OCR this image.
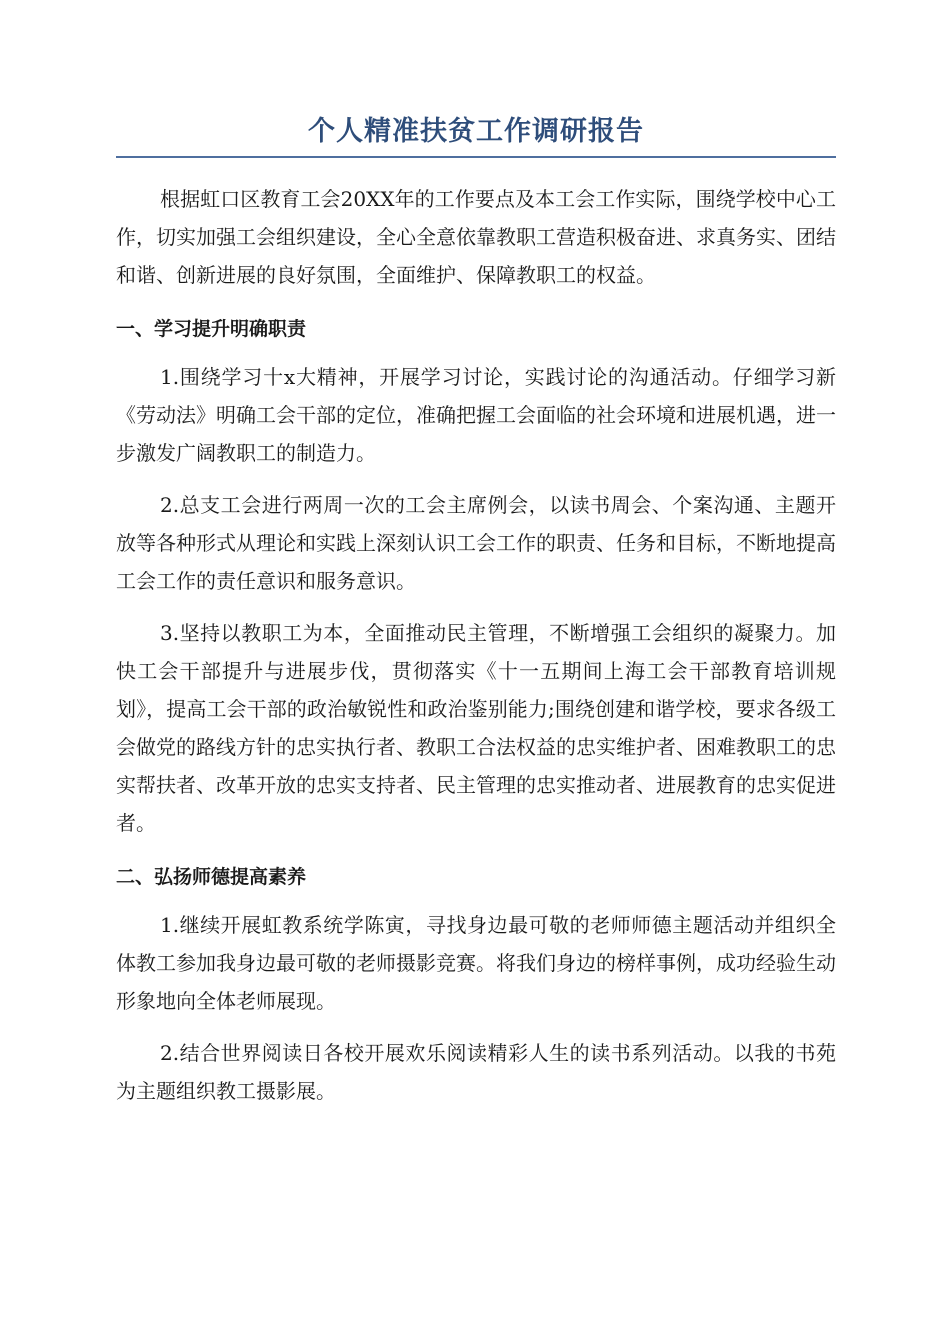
个人精准扶贫工作调研报告

根据虹口区教育工会20XX年的工作要点及本工会工作实际，围绕学校中心工作，切实加强工会组织建设，全心全意依靠教职工营造积极奋进、求真务实、团结和谐、创新进展的良好氛围，全面维护、保障教职工的权益。

一、学习提升明确职责

1.围绕学习十x大精神，开展学习讨论，实践讨论的沟通活动。仔细学习新《劳动法》明确工会干部的定位，准确把握工会面临的社会环境和进展机遇，进一步激发广阔教职工的制造力。

2.总支工会进行两周一次的工会主席例会，以读书周会、个案沟通、主题开放等各种形式从理论和实践上深刻认识工会工作的职责、任务和目标，不断地提高工会工作的责任意识和服务意识。

3.坚持以教职工为本，全面推动民主管理，不断增强工会组织的凝聚力。加快工会干部提升与进展步伐，贯彻落实《十一五期间上海工会干部教育培训规划》，提高工会干部的政治敏锐性和政治鉴别能力;围绕创建和谐学校，要求各级工会做党的路线方针的忠实执行者、教职工合法权益的忠实维护者、困难教职工的忠实帮扶者、改革开放的忠实支持者、民主管理的忠实推动者、进展教育的忠实促进者。

二、弘扬师德提高素养

1.继续开展虹教系统学陈寅，寻找身边最可敬的老师师德主题活动并组织全体教工参加我身边最可敬的老师摄影竞赛。将我们身边的榜样事例，成功经验生动形象地向全体老师展现。

2.结合世界阅读日各校开展欢乐阅读精彩人生的读书系列活动。以我的书苑为主题组织教工摄影展。
